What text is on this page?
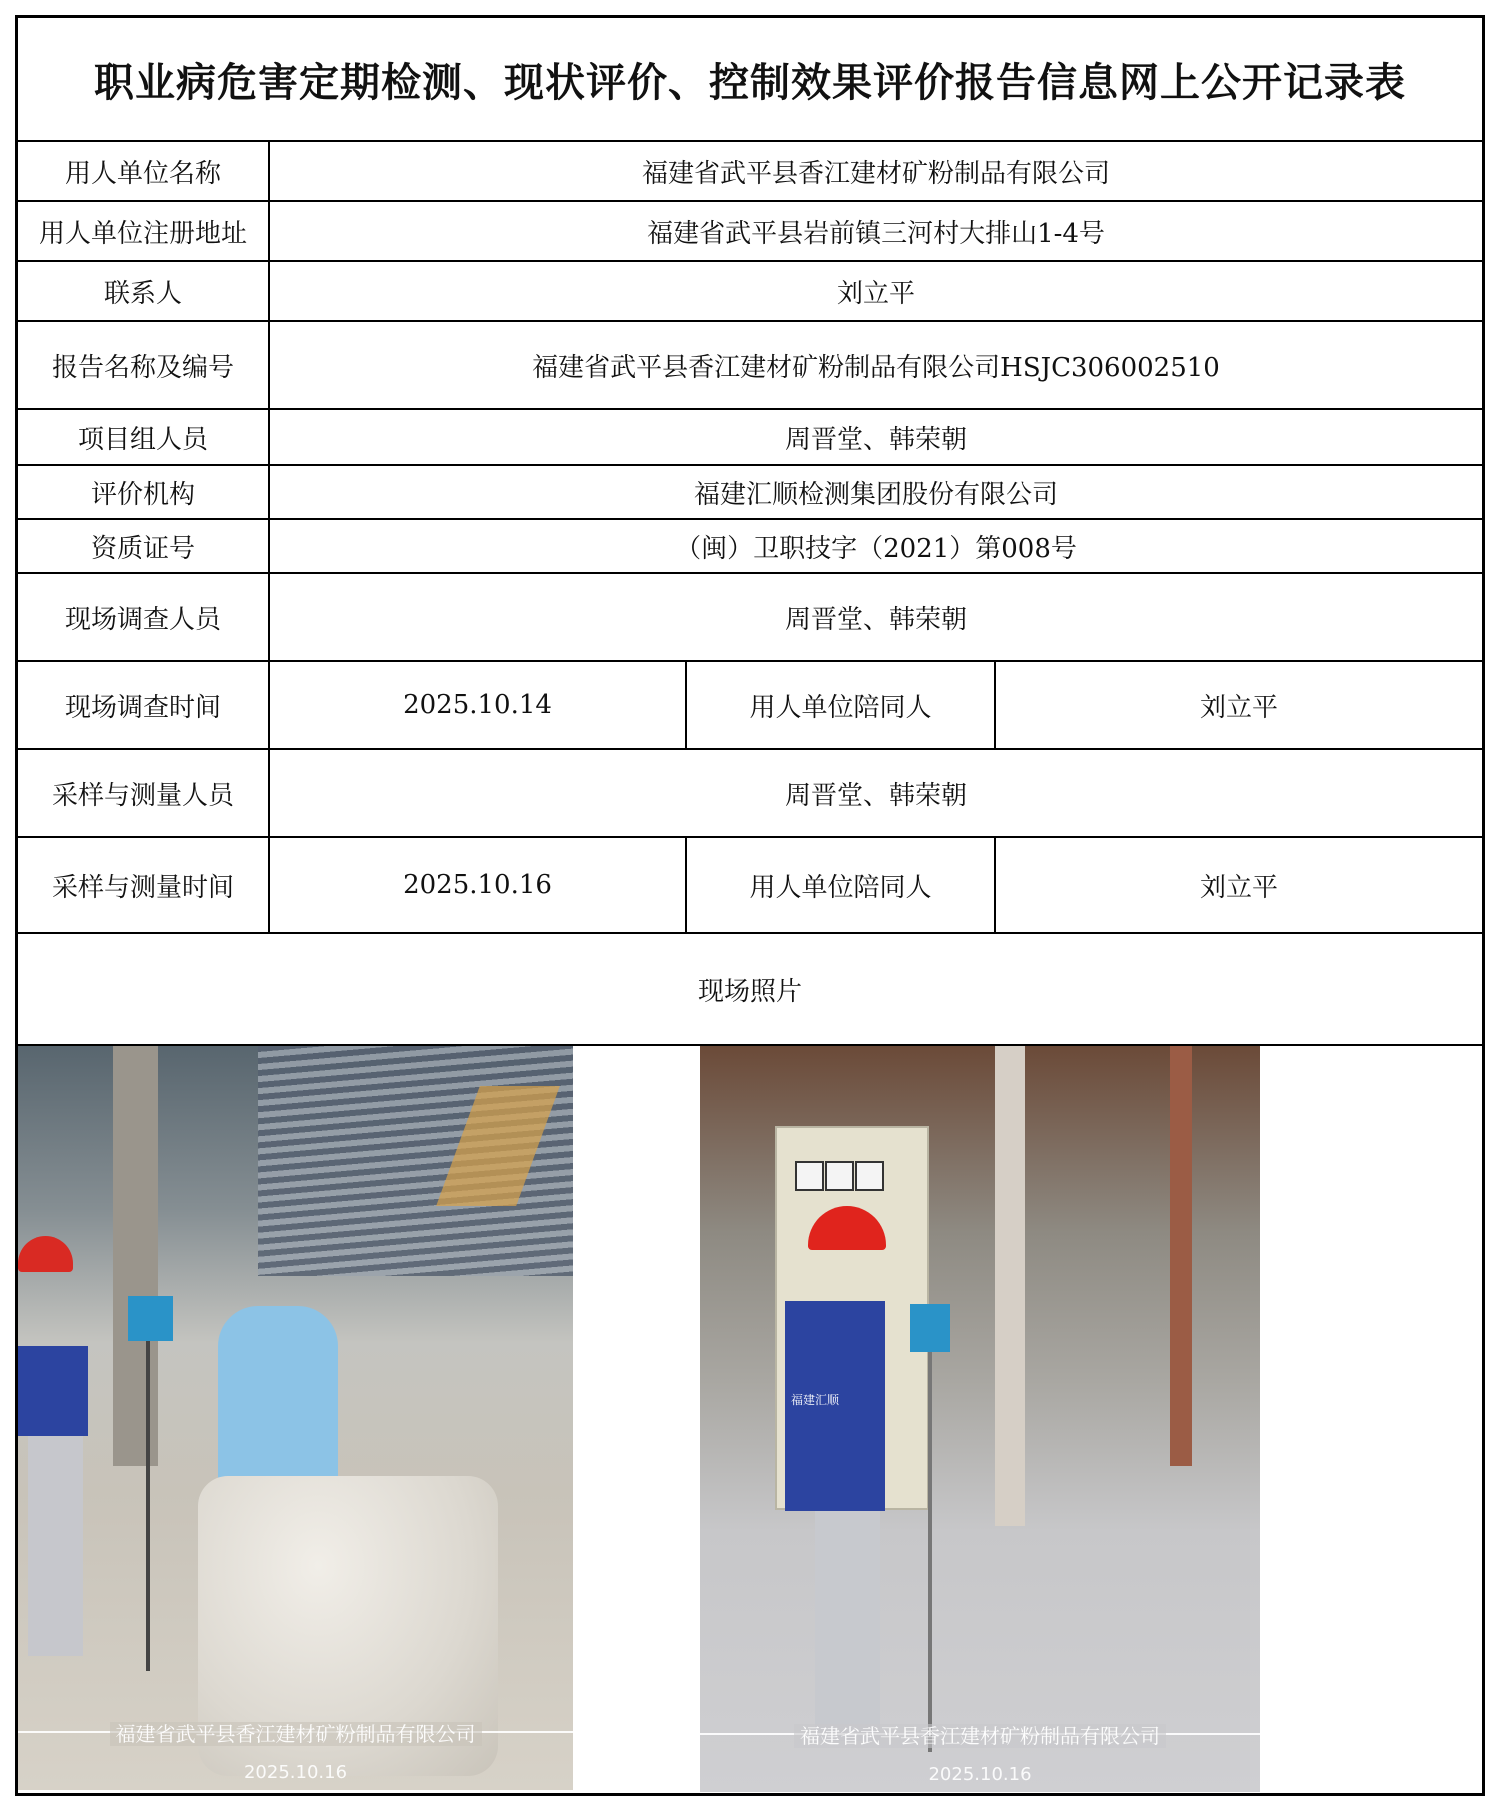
职业病危害定期检测、现状评价、控制效果评价报告信息网上公开记录表
用人单位名称	福建省武平县香江建材矿粉制品有限公司
用人单位注册地址	福建省武平县岩前镇三河村大排山1-4号
联系人	刘立平
报告名称及编号	福建省武平县香江建材矿粉制品有限公司HSJC306002510
项目组人员	周晋堂、韩荣朝
评价机构	福建汇顺检测集团股份有限公司
资质证号	（闽）卫职技字（2021）第008号
现场调查人员	周晋堂、韩荣朝
现场调查时间	2025.10.14	用人单位陪同人	刘立平
采样与测量人员	周晋堂、韩荣朝
采样与测量时间	2025.10.16	用人单位陪同人	刘立平
现场照片
福建省武平县香江建材矿粉制品有限公司
2025.10.16
福建汇顺
福建省武平县香江建材矿粉制品有限公司
2025.10.16
